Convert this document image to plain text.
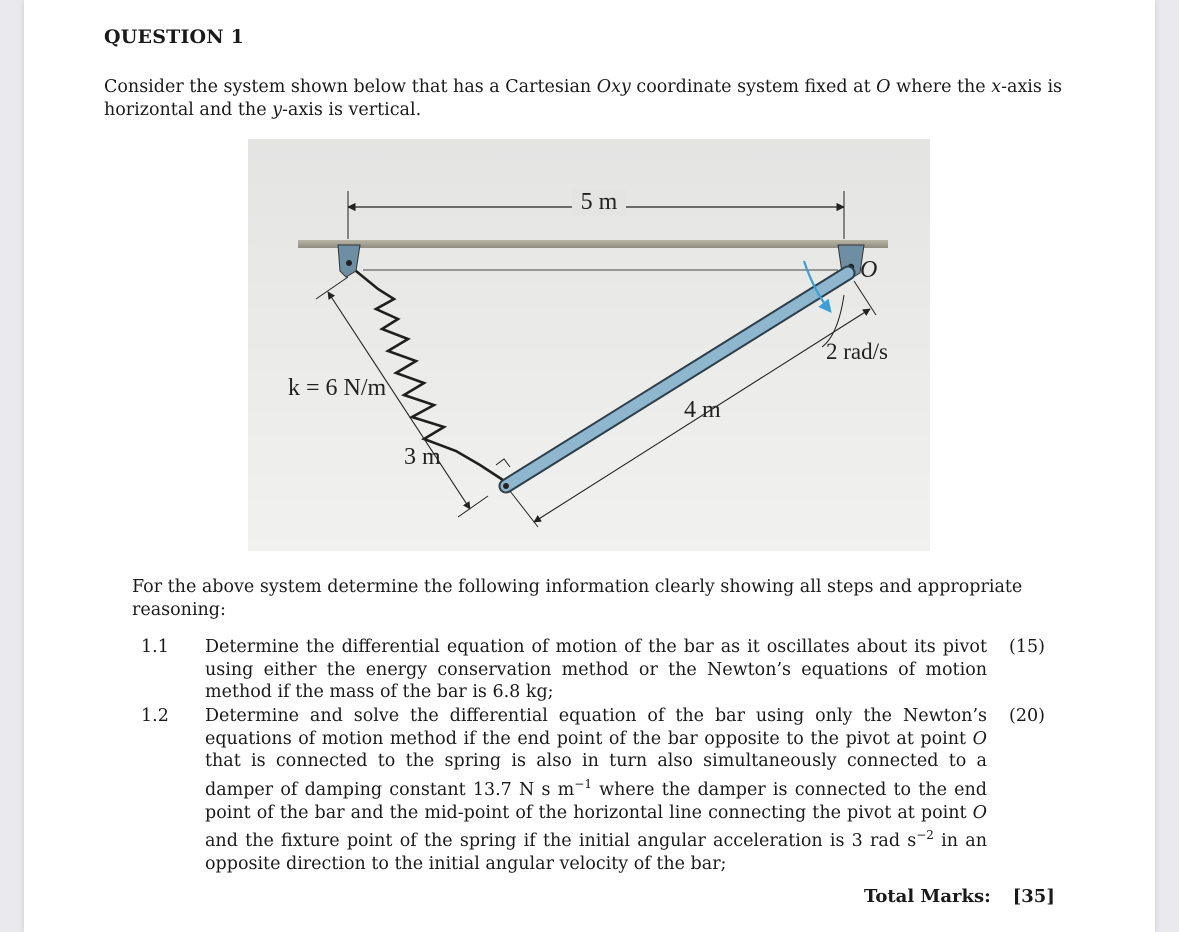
QUESTION 1
Consider the system shown below that has a Cartesian Oxy coordinate system fixed at O where the x-axis is horizontal and the y-axis is vertical.
5 m
O
2 rad/s
4 m
3 m
k = 6 N/m
For the above system determine the following information clearly showing all steps and appropriate reasoning:
1.1 Determine the differential equation of motion of the bar as it oscillates about its pivot using either the energy conservation method or the Newton’s equations of motion method if the mass of the bar is 6.8 kg;
(15)
1.2 Determine and solve the differential equation of the bar using only the Newton’s equations of motion method if the end point of the bar opposite to the pivot at point O that is connected to the spring is also in turn also simultaneously connected to a damper of damping constant 13.7 N s $m^{-1}$ where the damper is connected to the end point of the bar and the mid-point of the horizontal line connecting the pivot at point O and the fixture point of the spring if the initial angular acceleration is 3 rad $s^{-2}$ in an opposite direction to the initial angular velocity of the bar;
(20)
Total Marks: [35]
